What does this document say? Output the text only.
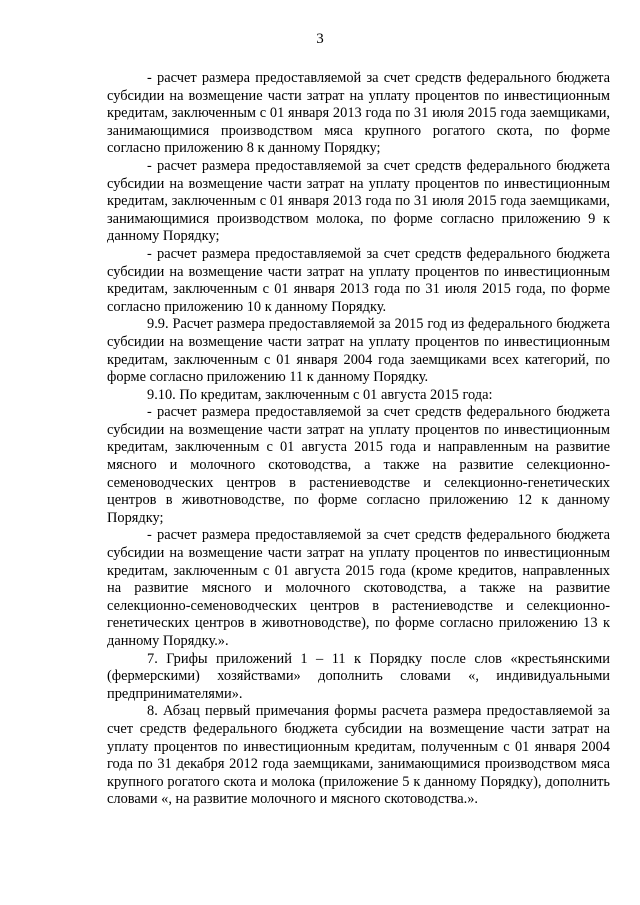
3

- расчет размера предоставляемой за счет средств федерального бюджета субсидии на возмещение части затрат на уплату процентов по инвестиционным кредитам, заключенным с 01 января 2013 года по 31 июля 2015 года заемщиками, занимающимися производством мяса крупного рогатого скота, по форме согласно приложению 8 к данному Порядку;

- расчет размера предоставляемой за счет средств федерального бюджета субсидии на возмещение части затрат на уплату процентов по инвестиционным кредитам, заключенным с 01 января 2013 года по 31 июля 2015 года заемщиками, занимающимися производством молока, по форме согласно приложению 9 к данному Порядку;

- расчет размера предоставляемой за счет средств федерального бюджета субсидии на возмещение части затрат на уплату процентов по инвестиционным кредитам, заключенным с 01 января 2013 года по 31 июля 2015 года, по форме согласно приложению 10 к данному Порядку.

9.9. Расчет размера предоставляемой за 2015 год из федерального бюджета субсидии на возмещение части затрат на уплату процентов по инвестиционным кредитам, заключенным с 01 января 2004 года заемщиками всех категорий, по форме согласно приложению 11 к данному Порядку.

9.10. По кредитам, заключенным с 01 августа 2015 года:

- расчет размера предоставляемой за счет средств федерального бюджета субсидии на возмещение части затрат на уплату процентов по инвестиционным кредитам, заключенным с 01 августа 2015 года и направленным на развитие мясного и молочного скотоводства, а также на развитие селекционно-семеноводческих центров в растениеводстве и селекционно-генетических центров в животноводстве, по форме согласно приложению 12 к данному Порядку;

- расчет размера предоставляемой за счет средств федерального бюджета субсидии на возмещение части затрат на уплату процентов по инвестиционным кредитам, заключенным с 01 августа 2015 года (кроме кредитов, направленных на развитие мясного и молочного скотоводства, а также на развитие селекционно-семеноводческих центров в растениеводстве и селекционно-генетических центров в животноводстве), по форме согласно приложению 13 к данному Порядку.».

7. Грифы приложений 1 – 11 к Порядку после слов «крестьянскими (фермерскими) хозяйствами» дополнить словами «, индивидуальными предпринимателями».

8. Абзац первый примечания формы расчета размера предоставляемой за счет средств федерального бюджета субсидии на возмещение части затрат на уплату процентов по инвестиционным кредитам, полученным с 01 января 2004 года по 31 декабря 2012 года заемщиками, занимающимися производством мяса крупного рогатого скота и молока (приложение 5 к данному Порядку), дополнить словами «, на развитие молочного и мясного скотоводства.».
